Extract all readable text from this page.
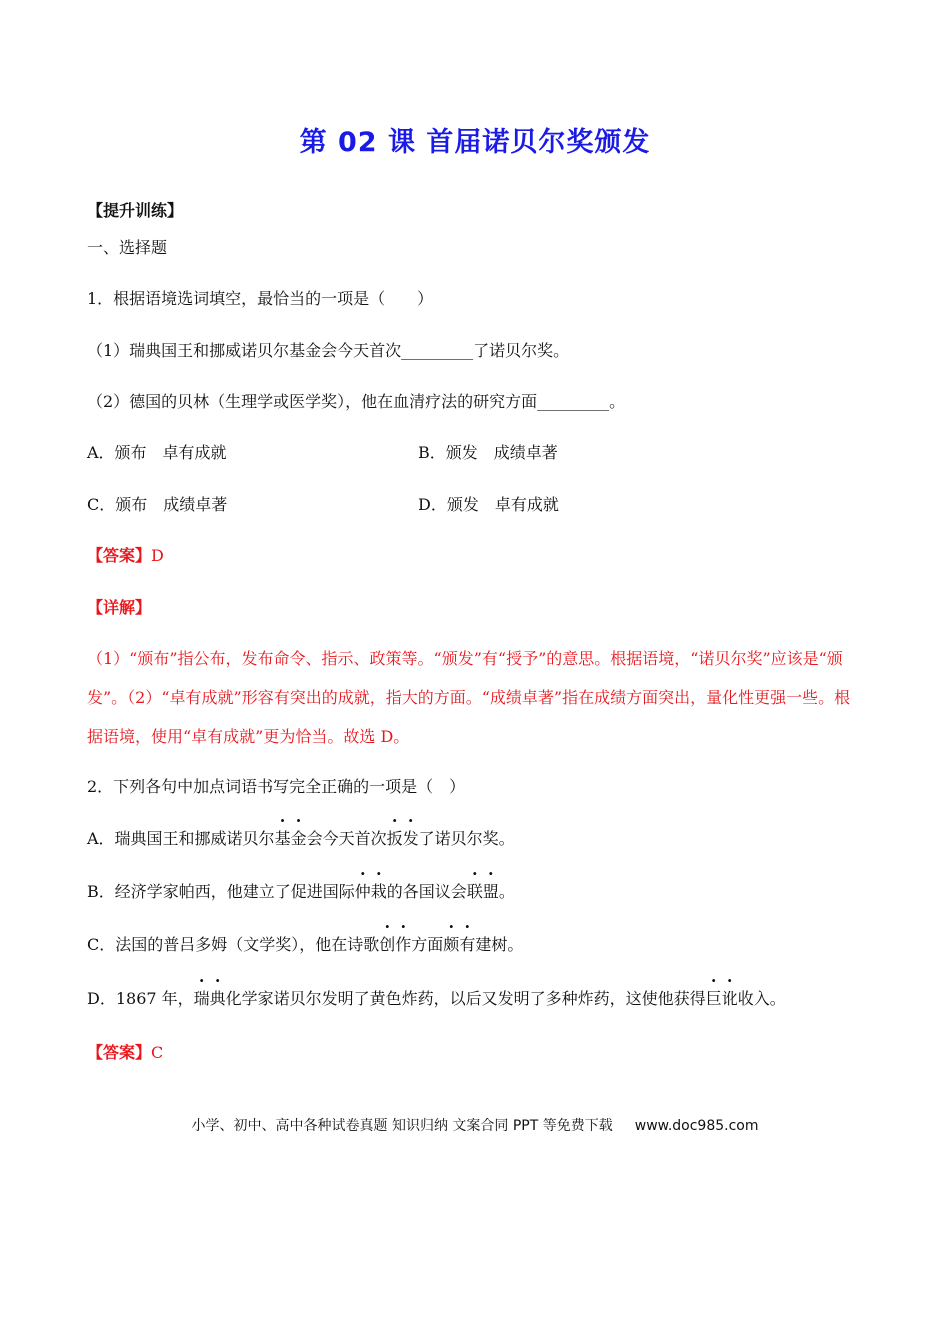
第 02 课 首届诺贝尔奖颁发
【提升训练】
一、选择题
1．根据语境选词填空，最恰当的一项是（　　）
（1）瑞典国王和挪威诺贝尔基金会今天首次_________了诺贝尔奖。
（2）德国的贝林（生理学或医学奖），他在血清疗法的研究方面_________。
A．颁布　卓有成就	B．颁发　成绩卓著
C．颁布　成绩卓著	D．颁发　卓有成就
【答案】D
【详解】
（1）“颁布”指公布，发布命令、指示、政策等。“颁发”有“授予”的意思。根据语境，“诺贝尔奖”应该是“颁发”。（2）“卓有成就”形容有突出的成就，指大的方面。“成绩卓著”指在成绩方面突出，量化性更强一些。根据语境，使用“卓有成就”更为恰当。故选 D。
2．下列各句中加点词语书写完全正确的一项是（　）
A．瑞典国王和挪威诺贝尔基金会今天首次扳发了诺贝尔奖。
B．经济学家帕西，他建立了促进国际仲栽的各国议会联盟。
C．法国的普吕多姆（文学奖），他在诗歌创作方面颇有建树。
D．1867 年，瑞典化学家诺贝尔发明了黄色炸药，以后又发明了多种炸药，这使他获得巨讹收入。
【答案】C
小学、初中、高中各种试卷真题 知识归纳 文案合同 PPT 等免费下载 www.doc985.com
